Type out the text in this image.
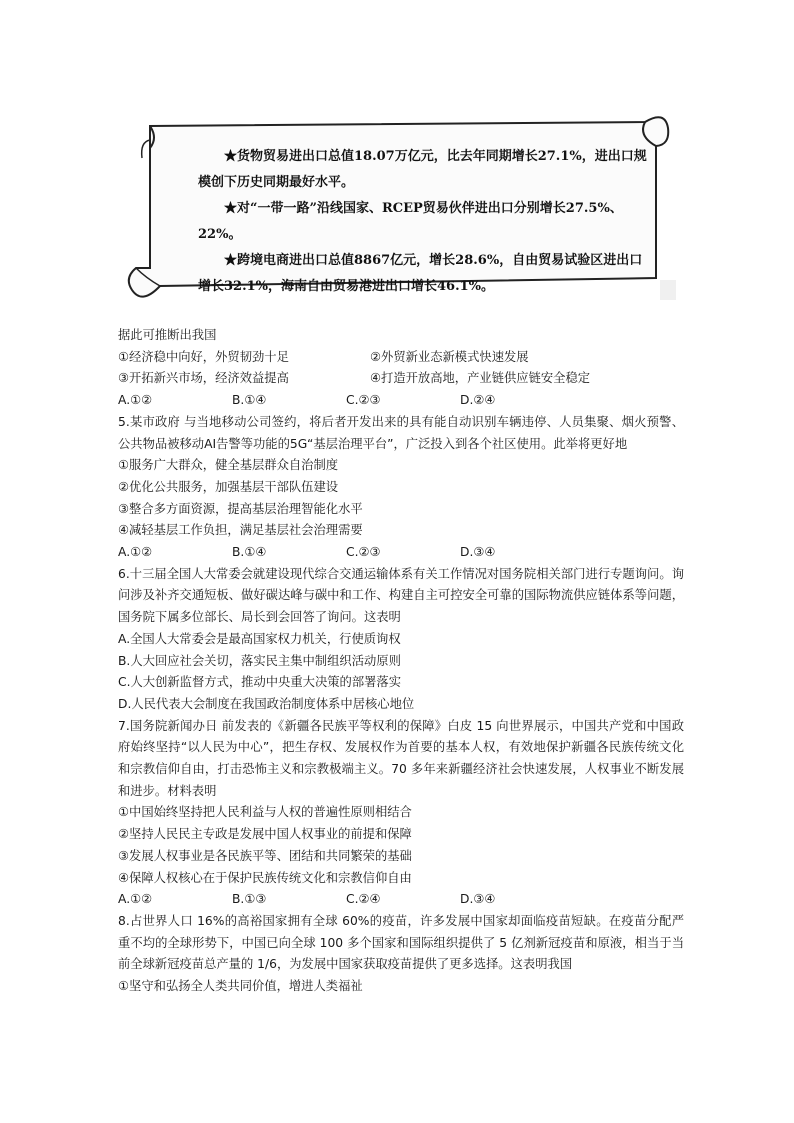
★货物贸易进出口总值18.07万亿元，比去年同期增长27.1%，进出口规模创下历史同期最好水平。

★对“一带一路”沿线国家、RCEP贸易伙伴进出口分别增长27.5%、22%。

★跨境电商进出口总值8867亿元，增长28.6%，自由贸易试验区进出口增长32.1%，海南自由贸易港进出口增长46.1%。

据此可推断出我国

①经济稳中向好，外贸韧劲十足	②外贸新业态新模式快速发展

③开拓新兴市场，经济效益提高	④打造开放高地，产业链供应链安全稳定

A.①②	B.①④	C.②③	D.②④

5.某市政府 与当地移动公司签约，将后者开发出来的具有能自动识别车辆违停、人员集聚、烟火预警、公共物品被移动AI告警等功能的5G“基层治理平台”，广泛投入到各个社区使用。此举将更好地

①服务广大群众，健全基层群众自治制度

②优化公共服务，加强基层干部队伍建设

③整合多方面资源，提高基层治理智能化水平

④减轻基层工作负担，满足基层社会治理需要

A.①②	B.①④	C.②③	D.③④

6.十三届全国人大常委会就建设现代综合交通运输体系有关工作情况对国务院相关部门进行专题询问。询问涉及补齐交通短板、做好碳达峰与碳中和工作、构建自主可控安全可靠的国际物流供应链体系等问题，国务院下属多位部长、局长到会回答了询问。这表明

A.全国人大常委会是最高国家权力机关，行使质询权

B.人大回应社会关切，落实民主集中制组织活动原则

C.人大创新监督方式，推动中央重大决策的部署落实

D.人民代表大会制度在我国政治制度体系中居核心地位

7.国务院新闻办日 前发表的《新疆各民族平等权利的保障》白皮 15 向世界展示，中国共产党和中国政府始终坚持“以人民为中心”，把生存权、发展权作为首要的基本人权，有效地保护新疆各民族传统文化和宗教信仰自由，打击恐怖主义和宗教极端主义。70 多年来新疆经济社会快速发展，人权事业不断发展和进步。材料表明

①中国始终坚持把人民利益与人权的普遍性原则相结合

②坚持人民民主专政是发展中国人权事业的前提和保障

③发展人权事业是各民族平等、团结和共同繁荣的基础

④保障人权核心在于保护民族传统文化和宗教信仰自由

A.①②	B.①③	C.②④	D.③④

8.占世界人口 16%的高裕国家拥有全球 60%的疫苗，许多发展中国家却面临疫苗短缺。在疫苗分配严重不均的全球形势下，中国已向全球 100 多个国家和国际组织提供了 5 亿剂新冠疫苗和原液，相当于当前全球新冠疫苗总产量的 1/6，为发展中国家获取疫苗提供了更多选择。这表明我国

①坚守和弘扬全人类共同价值，增进人类福祉
